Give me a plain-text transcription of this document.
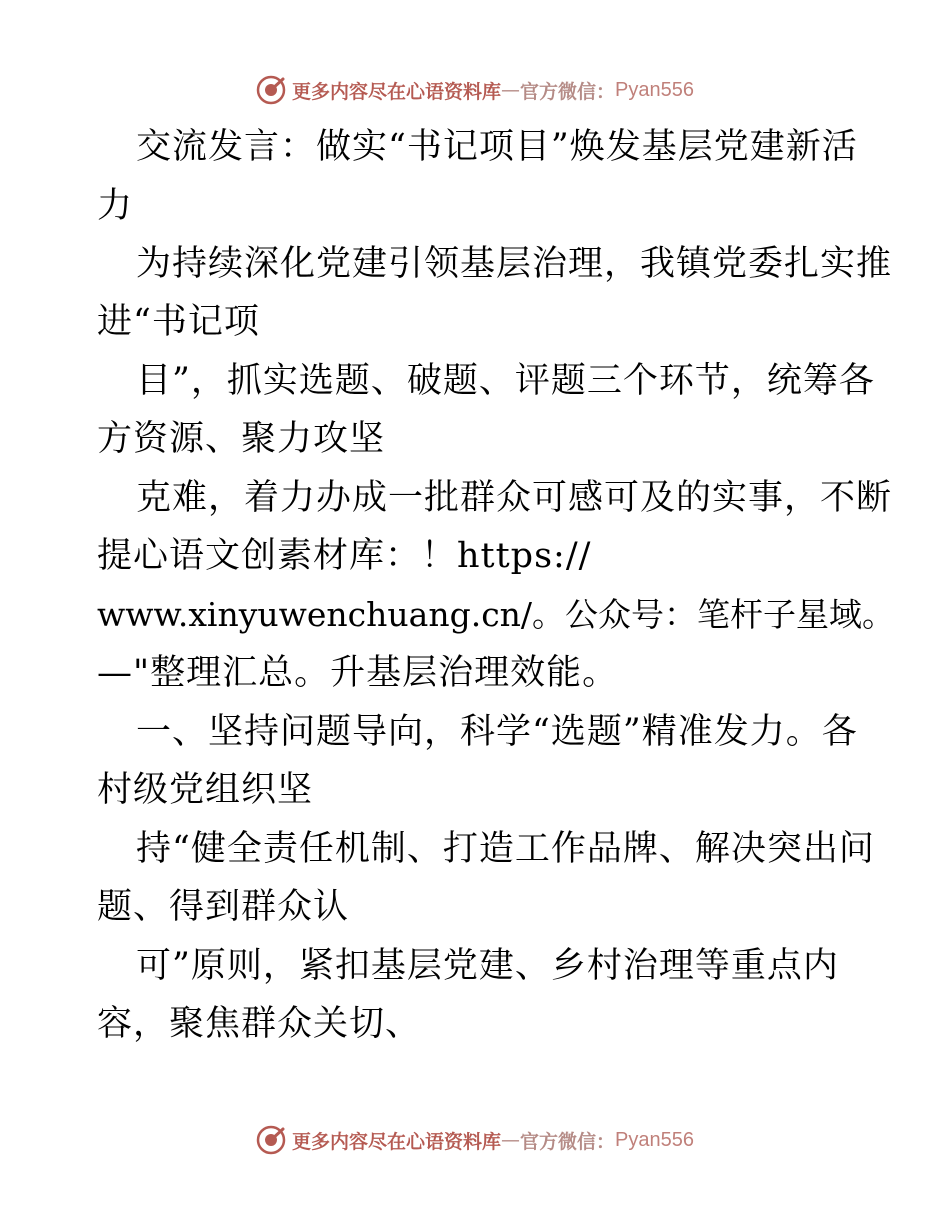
更多内容尽在心语资料库 — 官方微信： Pyan556
交流发言：做实“书记项目”焕发基层党建新活
力
为持续深化党建引领基层治理，我镇党委扎实推
进“书记项
目”，抓实选题、破题、评题三个环节，统筹各
方资源、聚力攻坚
克难，着力办成一批群众可感可及的实事，不断
提心语文创素材库：！https://
www.xinyuwenchuang.cn/。公众号：笔杆子星域。
—"整理汇总。升基层治理效能。
一、坚持问题导向，科学“选题”精准发力。各
村级党组织坚
持“健全责任机制、打造工作品牌、解决突出问
题、得到群众认
可”原则，紧扣基层党建、乡村治理等重点内
容，聚焦群众关切、
更多内容尽在心语资料库 — 官方微信： Pyan556
